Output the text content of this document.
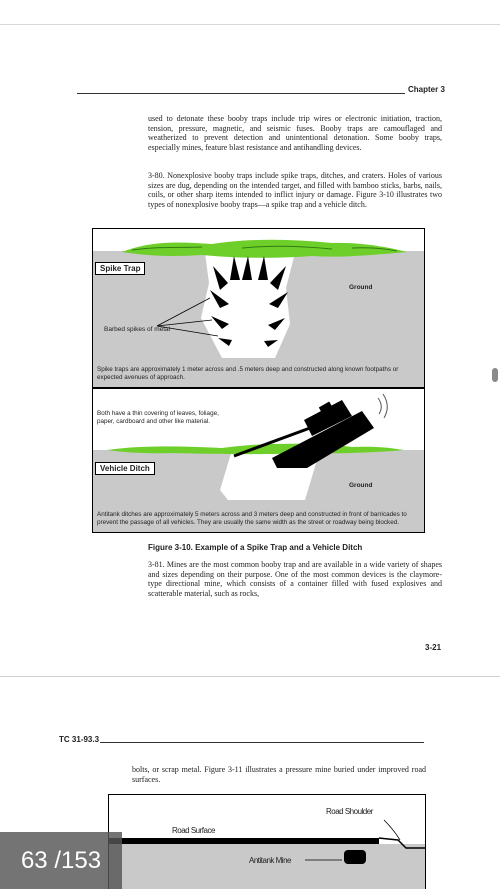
Chapter 3
used to detonate these booby traps include trip wires or electronic initiation, traction, tension, pressure, magnetic, and seismic fuses. Booby traps are camouflaged and weatherized to prevent detection and unintentional detonation. Some booby traps, especially mines, feature blast resistance and antihandling devices.
3-80. Nonexplosive booby traps include spike traps, ditches, and craters. Holes of various sizes are dug, depending on the intended target, and filled with bamboo sticks, barbs, nails, coils, or other sharp items intended to inflict injury or damage. Figure 3-10 illustrates two types of nonexplosive booby traps—a spike trap and a vehicle ditch.
Spike Trap
Ground
Barbed spikes of metal
Spike traps are approximately 1 meter across and .5 meters deep and constructed along known footpaths or expected avenues of approach.
Both have a thin covering of leaves, foliage,
paper, cardboard and other like material.
Vehicle Ditch
Ground
Antitank ditches are approximately 5 meters across and 3 meters deep and constructed in front of barricades to prevent the passage of all vehicles. They are usually the same width as the street or roadway being blocked.
Figure 3-10. Example of a Spike Trap and a Vehicle Ditch
3-81. Mines are the most common booby trap and are available in a wide variety of shapes and sizes depending on their purpose. One of the most common devices is the claymore-type directional mine, which consists of a container filled with fused explosives and scatterable material, such as rocks,
3-21
TC 31-93.3
bolts, or scrap metal. Figure 3-11 illustrates a pressure mine buried under improved road surfaces.
Road Shoulder
Road Surface
Antitank Mine
63 /153
